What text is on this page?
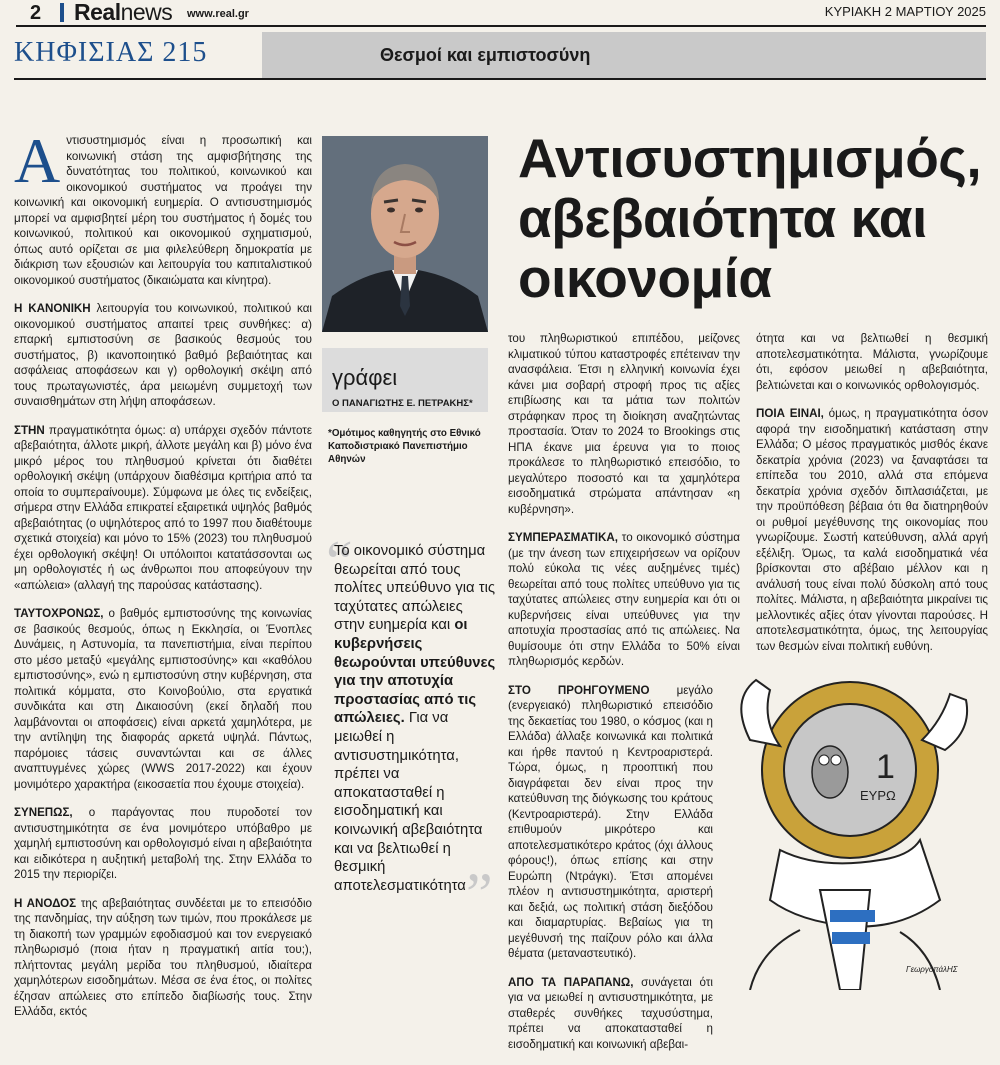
2 Realnews www.real.gr	ΚΥΡΙΑΚΗ 2 ΜΑΡΤΙΟΥ 2025
ΚΗΦΙΣΙΑΣ 215	Θεσμοί και εμπιστοσύνη

Αντισυστημισμός είναι η προσωπική και κοινωνική στάση της αμφισβήτησης της δυνατότητας του πολιτικού, κοινωνικού και οικονομικού συστήματος να προάγει την κοινωνική και οικονομική ευημερία. Ο αντισυστημισμός μπορεί να αμφισβητεί μέρη του συστήματος ή δομές του κοινωνικού, πολιτικού και οικονομικού σχηματισμού, όπως αυτό ορίζεται σε μια φιλελεύθερη δημοκρατία με διάκριση των εξουσιών και λειτουργία του καπιταλιστικού οικονομικού συστήματος (δικαιώματα και κίνητρα).

Η ΚΑΝΟΝΙΚΗ λειτουργία του κοινωνικού, πολιτικού και οικονομικού συστήματος απαιτεί τρεις συνθήκες: α) επαρκή εμπιστοσύνη σε βασικούς θεσμούς του συστήματος, β) ικανοποιητικό βαθμό βεβαιότητας και ασφάλειας αποφάσεων και γ) ορθολογική σκέψη από τους πρωταγωνιστές, άρα μειωμένη συμμετοχή των συναισθημάτων στη λήψη αποφάσεων.

ΣΤΗΝ πραγματικότητα όμως: α) υπάρχει σχεδόν πάντοτε αβεβαιότητα, άλλοτε μικρή, άλλοτε μεγάλη και β) μόνο ένα μικρό μέρος του πληθυσμού κρίνεται ότι διαθέτει ορθολογική σκέψη (υπάρχουν διαθέσιμα κριτήρια από τα οποία το συμπεραίνουμε). Σύμφωνα με όλες τις ενδείξεις, σήμερα στην Ελλάδα επικρατεί εξαιρετικά υψηλός βαθμός αβεβαιότητας (ο υψηλότερος από το 1997 που διαθέτουμε σχετικά στοιχεία) και μόνο το 15% (2023) του πληθυσμού έχει ορθολογική σκέψη! Οι υπόλοιποι κατατάσσονται ως μη ορθολογιστές ή ως άνθρωποι που αποφεύγουν την «απώλεια» (αλλαγή της παρούσας κατάστασης).

ΤΑΥΤΟΧΡΟΝΩΣ, ο βαθμός εμπιστοσύνης της κοινωνίας σε βασικούς θεσμούς, όπως η Εκκλησία, οι Ένοπλες Δυνάμεις, η Αστυνομία, τα πανεπιστήμια, είναι περίπου στο μέσο μεταξύ «μεγάλης εμπιστοσύνης» και «καθόλου εμπιστοσύνης», ενώ η εμπιστοσύνη στην κυβέρνηση, στα πολιτικά κόμματα, στο Κοινοβούλιο, στα εργατικά συνδικάτα και στη Δικαιοσύνη (εκεί δηλαδή που λαμβάνονται οι αποφάσεις) είναι αρκετά χαμηλότερα, με την αντίληψη της διαφοράς αρκετά υψηλά. Πάντως, παρόμοιες τάσεις συναντώνται και σε άλλες αναπτυγμένες χώρες (WWS 2017-2022) και έχουν μονιμότερο χαρακτήρα (εικοσαετία που έχουμε στοιχεία).

ΣΥΝΕΠΩΣ, ο παράγοντας που πυροδοτεί τον αντισυστημικότητα σε ένα μονιμότερο υπόβαθρο με χαμηλή εμπιστοσύνη και ορθολογισμό είναι η αβεβαιότητα και ειδικότερα η αυξητική μεταβολή της. Στην Ελλάδα το 2015 την περιορίζει.

Η ΑΝΟΔΟΣ της αβεβαιότητας συνδέεται με το επεισόδιο της πανδημίας, την αύξηση των τιμών, που προκάλεσε με τη διακοπή των γραμμών εφοδιασμού και τον ενεργειακό πληθωρισμό (ποια ήταν η πραγματική αιτία του;), πλήττοντας μεγάλη μερίδα του πληθυσμού, ιδιαίτερα χαμηλότερων εισοδημάτων. Μέσα σε ένα έτος, οι πολίτες έζησαν απώλειες στο επίπεδο διαβίωσής τους. Στην Ελλάδα, εκτός

γράφει
Ο ΠΑΝΑΓΙΩΤΗΣ Ε. ΠΕΤΡΑΚΗΣ*
*Ομότιμος καθηγητής στο Εθνικό Καποδιστριακό Πανεπιστήμιο Αθηνών
“
Το οικονομικό σύστημα θεωρείται από τους πολίτες υπεύθυνο για τις ταχύτατες απώλειες στην ευημερία και οι κυβερνήσεις θεωρούνται υπεύθυνες για την αποτυχία προστασίας από τις απώλειες. Για να μειωθεί η αντισυστημικότητα, πρέπει να αποκατασταθεί η εισοδηματική και κοινωνική αβεβαιότητα και να βελτιωθεί η θεσμική αποτελεσματικότητα ”
Αντισυστημισμός, αβεβαιότητα και οικονομία

του πληθωριστικού επιπέδου, μείζονες κλιματικού τύπου καταστροφές επέτειναν την ανασφάλεια. Έτσι η ελληνική κοινωνία έχει κάνει μια σοβαρή στροφή προς τις αξίες επιβίωσης και τα μάτια των πολιτών στράφηκαν προς τη διοίκηση αναζητώντας προστασία. Όταν το 2024 το Brookings στις ΗΠΑ έκανε μια έρευνα για το ποιος προκάλεσε το πληθωριστικό επεισόδιο, το μεγαλύτερο ποσοστό και τα χαμηλότερα εισοδηματικά στρώματα απάντησαν «η κυβέρνηση».

ΣΥΜΠΕΡΑΣΜΑΤΙΚΑ, το οικονομικό σύστημα (με την άνεση των επιχειρήσεων να ορίζουν πολύ εύκολα τις νέες αυξημένες τιμές) θεωρείται από τους πολίτες υπεύθυνο για τις ταχύτατες απώλειες στην ευημερία και ότι οι κυβερνήσεις είναι υπεύθυνες για την αποτυχία προστασίας από τις απώλειες. Να θυμίσουμε ότι στην Ελλάδα το 50% είναι πληθωρισμός κερδών.

ΣΤΟ ΠΡΟΗΓΟΥΜΕΝΟ μεγάλο (ενεργειακό) πληθωριστικό επεισόδιο της δεκαετίας του 1980, ο κόσμος (και η Ελλάδα) άλλαξε κοινωνικά και πολιτικά και ήρθε παντού η Κεντροαριστερά. Τώρα, όμως, η προοπτική που διαγράφεται δεν είναι προς την κατεύθυνση της διόγκωσης του κράτους (Κεντροαριστερά). Στην Ελλάδα επιθυμούν μικρότερο και αποτελεσματικότερο κράτος (όχι άλλους φόρους!), όπως επίσης και στην Ευρώπη (Ντράγκι). Έτσι απομένει πλέον η αντισυστημικότητα, αριστερή και δεξιά, ως πολιτική στάση διεξόδου και διαμαρτυρίας. Βεβαίως για τη μεγέθυνσή της παίζουν ρόλο και άλλα θέματα (μεταναστευτικό).

ΑΠΟ ΤΑ ΠΑΡΑΠΑΝΩ, συνάγεται ότι για να μειωθεί η αντισυστημικότητα, με σταθερές συνθήκες ταχυσύστημα, πρέπει να αποκατασταθεί η εισοδηματική και κοινωνική αβεβαι-

ότητα και να βελτιωθεί η θεσμική αποτελεσματικότητα. Μάλιστα, γνωρίζουμε ότι, εφόσον μειωθεί η αβεβαιότητα, βελτιώνεται και ο κοινωνικός ορθολογισμός.

ΠΟΙΑ ΕΙΝΑΙ, όμως, η πραγματικότητα όσον αφορά την εισοδηματική κατάσταση στην Ελλάδα; Ο μέσος πραγματικός μισθός έκανε δεκατρία χρόνια (2023) να ξαναφτάσει τα επίπεδα του 2010, αλλά στα επόμενα δεκατρία χρόνια σχεδόν διπλασιάζεται, με την προϋπόθεση βέβαια ότι θα διατηρηθούν οι ρυθμοί μεγέθυνσης της οικονομίας που γνωρίζουμε. Σωστή κατεύθυνση, αλλά αργή εξέλιξη. Όμως, τα καλά εισοδηματικά νέα βρίσκονται στο αβέβαιο μέλλον και η ανάλυσή τους είναι πολύ δύσκολη από τους πολίτες. Μάλιστα, η αβεβαιότητα μικραίνει τις μελλοντικές αξίες όταν γίνονται παρούσες. Η αποτελεσματικότητα, όμως, της λειτουργίας των θεσμών είναι πολιτική ευθύνη.

1
ΕΥΡΩ
ΓεωργοπάλΗΣ
